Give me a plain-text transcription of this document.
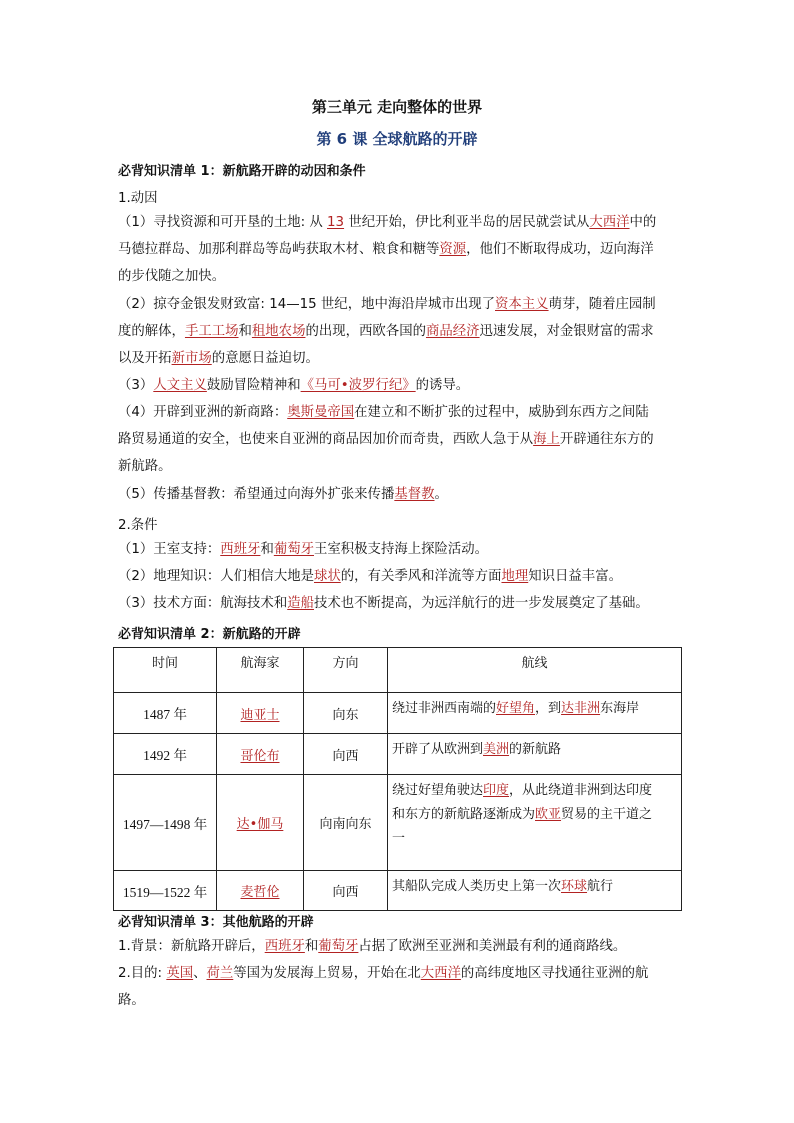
第三单元 走向整体的世界
第 6 课 全球航路的开辟
必背知识清单 1：新航路开辟的动因和条件
1.动因
（1）寻找资源和可开垦的土地: 从 13 世纪开始，伊比利亚半岛的居民就尝试从大西洋中的
马德拉群岛、加那利群岛等岛屿获取木材、粮食和糖等资源，他们不断取得成功，迈向海洋
的步伐随之加快。
（2）掠夺金银发财致富: 14—15 世纪，地中海沿岸城市出现了资本主义萌芽，随着庄园制
度的解体，手工工场和租地农场的出现，西欧各国的商品经济迅速发展，对金银财富的需求
以及开拓新市场的意愿日益迫切。
（3）人文主义鼓励冒险精神和《马可•波罗行纪》的诱导。
（4）开辟到亚洲的新商路：奥斯曼帝国在建立和不断扩张的过程中，威胁到东西方之间陆
路贸易通道的安全，也使来自亚洲的商品因加价而奇贵，西欧人急于从海上开辟通往东方的
新航路。
（5）传播基督教：希望通过向海外扩张来传播基督教。
2.条件
（1）王室支持：西班牙和葡萄牙王室积极支持海上探险活动。
（2）地理知识：人们相信大地是球状的，有关季风和洋流等方面地理知识日益丰富。
（3）技术方面：航海技术和造船技术也不断提高，为远洋航行的进一步发展奠定了基础。
必背知识清单 2：新航路的开辟
时间	航海家	方向	航线
1487 年	迪亚士	向东	绕过非洲西南端的好望角，到达非洲东海岸
1492 年	哥伦布	向西	开辟了从欧洲到美洲的新航路
1497—1498 年	达•伽马	向南向东	绕过好望角驶达印度，从此绕道非洲到达印度
和东方的新航路逐渐成为欧亚贸易的主干道之
一
1519—1522 年	麦哲伦	向西	其船队完成人类历史上第一次环球航行
必背知识清单 3：其他航路的开辟
1.背景：新航路开辟后，西班牙和葡萄牙占据了欧洲至亚洲和美洲最有利的通商路线。
2.目的: 英国、荷兰等国为发展海上贸易，开始在北大西洋的高纬度地区寻找通往亚洲的航
路。
